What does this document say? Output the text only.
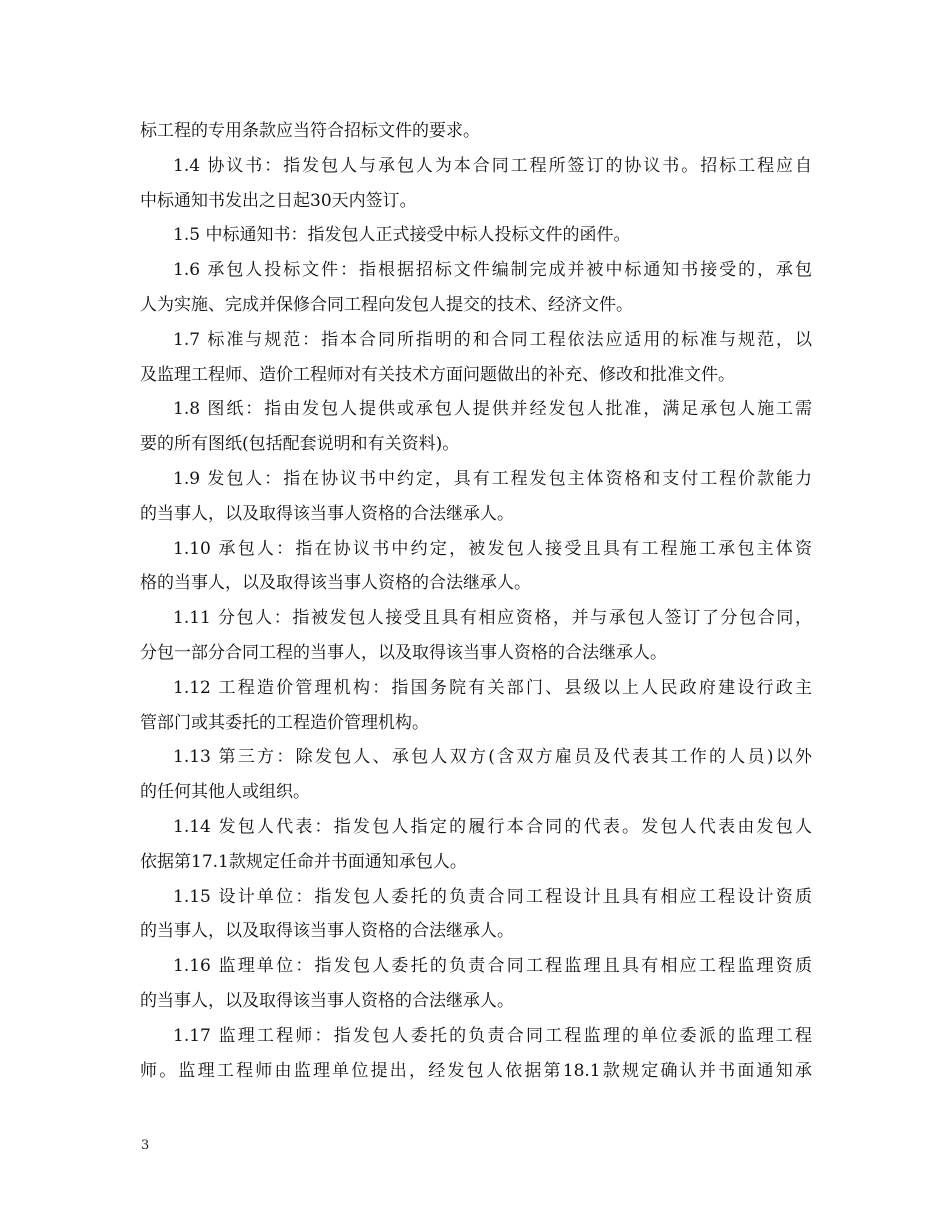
标工程的专用条款应当符合招标文件的要求。
1.4 协议书：指发包人与承包人为本合同工程所签订的协议书。招标工程应自
中标通知书发出之日起30天内签订。
1.5 中标通知书：指发包人正式接受中标人投标文件的函件。
1.6 承包人投标文件：指根据招标文件编制完成并被中标通知书接受的，承包
人为实施、完成并保修合同工程向发包人提交的技术、经济文件。
1.7 标准与规范：指本合同所指明的和合同工程依法应适用的标准与规范，以
及监理工程师、造价工程师对有关技术方面问题做出的补充、修改和批准文件。
1.8 图纸：指由发包人提供或承包人提供并经发包人批准，满足承包人施工需
要的所有图纸(包括配套说明和有关资料)。
1.9 发包人：指在协议书中约定，具有工程发包主体资格和支付工程价款能力
的当事人，以及取得该当事人资格的合法继承人。
1.10 承包人：指在协议书中约定，被发包人接受且具有工程施工承包主体资
格的当事人，以及取得该当事人资格的合法继承人。
1.11 分包人：指被发包人接受且具有相应资格，并与承包人签订了分包合同，
分包一部分合同工程的当事人，以及取得该当事人资格的合法继承人。
1.12 工程造价管理机构：指国务院有关部门、县级以上人民政府建设行政主
管部门或其委托的工程造价管理机构。
1.13 第三方：除发包人、承包人双方(含双方雇员及代表其工作的人员)以外
的任何其他人或组织。
1.14 发包人代表：指发包人指定的履行本合同的代表。发包人代表由发包人
依据第17.1款规定任命并书面通知承包人。
1.15 设计单位：指发包人委托的负责合同工程设计且具有相应工程设计资质
的当事人，以及取得该当事人资格的合法继承人。
1.16 监理单位：指发包人委托的负责合同工程监理且具有相应工程监理资质
的当事人，以及取得该当事人资格的合法继承人。
1.17 监理工程师：指发包人委托的负责合同工程监理的单位委派的监理工程
师。监理工程师由监理单位提出，经发包人依据第18.1款规定确认并书面通知承
3
